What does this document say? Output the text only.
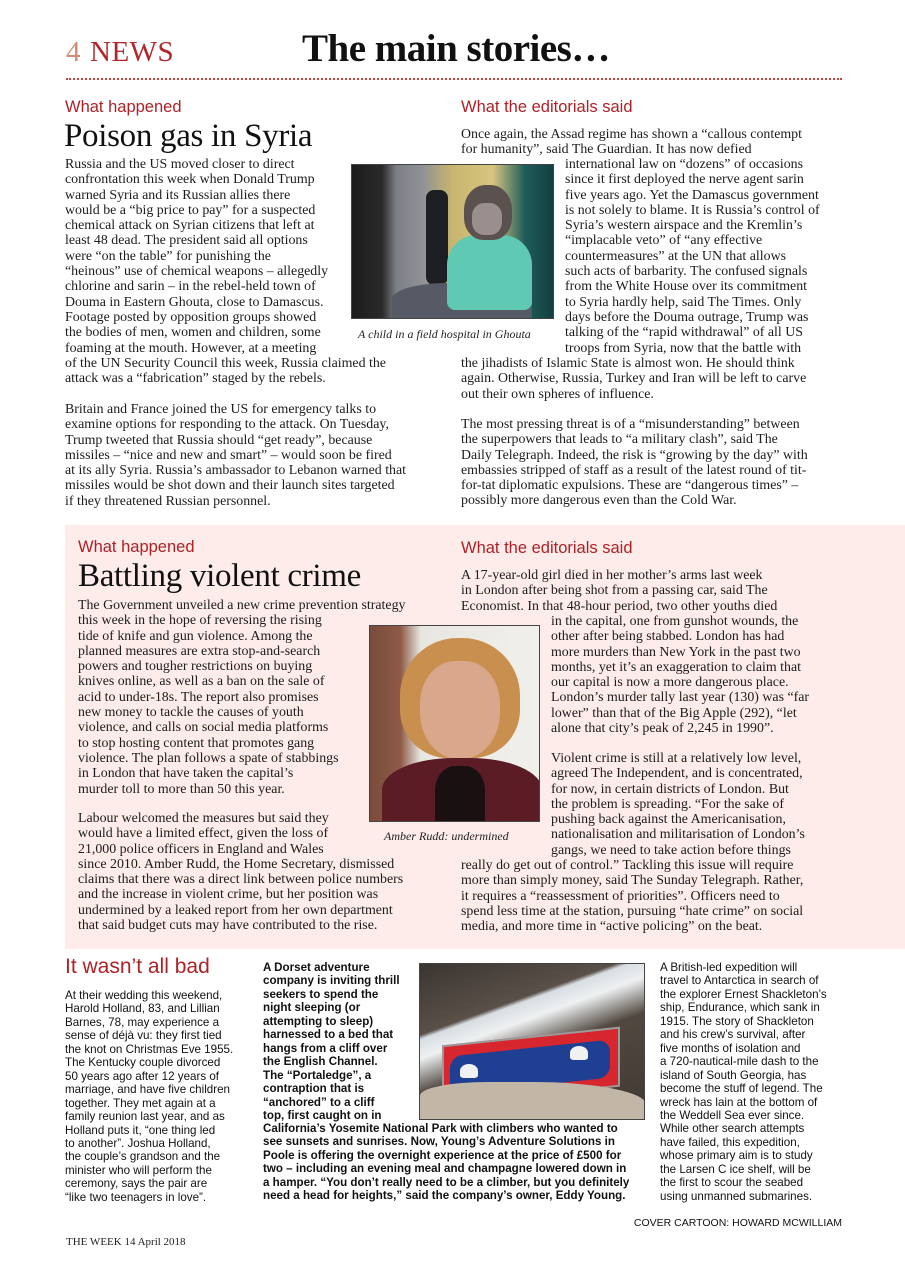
4 NEWS	The main stories…
What happened
Poison gas in Syria
Russia and the US moved closer to direct
confrontation this week when Donald Trump
warned Syria and its Russian allies there
would be a “big price to pay” for a suspected
chemical attack on Syrian citizens that left at
least 48 dead. The president said all options
were “on the table” for punishing the
“heinous” use of chemical weapons – allegedly
chlorine and sarin – in the rebel-held town of
Douma in Eastern Ghouta, close to Damascus.
Footage posted by opposition groups showed
the bodies of men, women and children, some
foaming at the mouth. However, at a meeting
of the UN Security Council this week, Russia claimed the
attack was a “fabrication” staged by the rebels.
Britain and France joined the US for emergency talks to
examine options for responding to the attack. On Tuesday,
Trump tweeted that Russia should “get ready”, because
missiles – “nice and new and smart” – would soon be fired
at its ally Syria. Russia’s ambassador to Lebanon warned that
missiles would be shot down and their launch sites targeted
if they threatened Russian personnel.
A child in a field hospital in Ghouta
What the editorials said
Once again, the Assad regime has shown a “callous contempt
for humanity”, said The Guardian. It has now defied
international law on “dozens” of occasions
since it first deployed the nerve agent sarin
five years ago. Yet the Damascus government
is not solely to blame. It is Russia’s control of
Syria’s western airspace and the Kremlin’s
“implacable veto” of “any effective
countermeasures” at the UN that allows
such acts of barbarity. The confused signals
from the White House over its commitment
to Syria hardly help, said The Times. Only
days before the Douma outrage, Trump was
talking of the “rapid withdrawal” of all US
troops from Syria, now that the battle with
the jihadists of Islamic State is almost won. He should think
again. Otherwise, Russia, Turkey and Iran will be left to carve
out their own spheres of influence.
The most pressing threat is of a “misunderstanding” between
the superpowers that leads to “a military clash”, said The
Daily Telegraph. Indeed, the risk is “growing by the day” with
embassies stripped of staff as a result of the latest round of tit-
for-tat diplomatic expulsions. These are “dangerous times” –
possibly more dangerous even than the Cold War.
What happened
Battling violent crime
The Government unveiled a new crime prevention strategy
this week in the hope of reversing the rising
tide of knife and gun violence. Among the
planned measures are extra stop-and-search
powers and tougher restrictions on buying
knives online, as well as a ban on the sale of
acid to under-18s. The report also promises
new money to tackle the causes of youth
violence, and calls on social media platforms
to stop hosting content that promotes gang
violence. The plan follows a spate of stabbings
in London that have taken the capital’s
murder toll to more than 50 this year.
Labour welcomed the measures but said they
would have a limited effect, given the loss of
21,000 police officers in England and Wales
since 2010. Amber Rudd, the Home Secretary, dismissed
claims that there was a direct link between police numbers
and the increase in violent crime, but her position was
undermined by a leaked report from her own department
that said budget cuts may have contributed to the rise.
Amber Rudd: undermined
What the editorials said
A 17-year-old girl died in her mother’s arms last week
in London after being shot from a passing car, said The
Economist. In that 48-hour period, two other youths died
in the capital, one from gunshot wounds, the
other after being stabbed. London has had
more murders than New York in the past two
months, yet it’s an exaggeration to claim that
our capital is now a more dangerous place.
London’s murder tally last year (130) was “far
lower” than that of the Big Apple (292), “let
alone that city’s peak of 2,245 in 1990”.
Violent crime is still at a relatively low level,
agreed The Independent, and is concentrated,
for now, in certain districts of London. But
the problem is spreading. “For the sake of
pushing back against the Americanisation,
nationalisation and militarisation of London’s
gangs, we need to take action before things
really do get out of control.” Tackling this issue will require
more than simply money, said The Sunday Telegraph. Rather,
it requires a “reassessment of priorities”. Officers need to
spend less time at the station, pursuing “hate crime” on social
media, and more time in “active policing” on the beat.
It wasn’t all bad
At their wedding this weekend,
Harold Holland, 83, and Lillian
Barnes, 78, may experience a
sense of déjà vu: they first tied
the knot on Christmas Eve 1955.
The Kentucky couple divorced
50 years ago after 12 years of
marriage, and have five children
together. They met again at a
family reunion last year, and as
Holland puts it, “one thing led
to another”. Joshua Holland,
the couple’s grandson and the
minister who will perform the
ceremony, says the pair are
“like two teenagers in love”.
A Dorset adventure
company is inviting thrill
seekers to spend the
night sleeping (or
attempting to sleep)
harnessed to a bed that
hangs from a cliff over
the English Channel.
The “Portaledge”, a
contraption that is
“anchored” to a cliff
top, first caught on in
California’s Yosemite National Park with climbers who wanted to
see sunsets and sunrises. Now, Young’s Adventure Solutions in
Poole is offering the overnight experience at the price of £500 for
two – including an evening meal and champagne lowered down in
a hamper. “You don’t really need to be a climber, but you definitely
need a head for heights,” said the company’s owner, Eddy Young.
A British-led expedition will
travel to Antarctica in search of
the explorer Ernest Shackleton’s
ship, Endurance, which sank in
1915. The story of Shackleton
and his crew’s survival, after
five months of isolation and
a 720-nautical-mile dash to the
island of South Georgia, has
become the stuff of legend. The
wreck has lain at the bottom of
the Weddell Sea ever since.
While other search attempts
have failed, this expedition,
whose primary aim is to study
the Larsen C ice shelf, will be
the first to scour the seabed
using unmanned submarines.
COVER CARTOON: HOWARD MCWILLIAM
THE WEEK 14 April 2018
